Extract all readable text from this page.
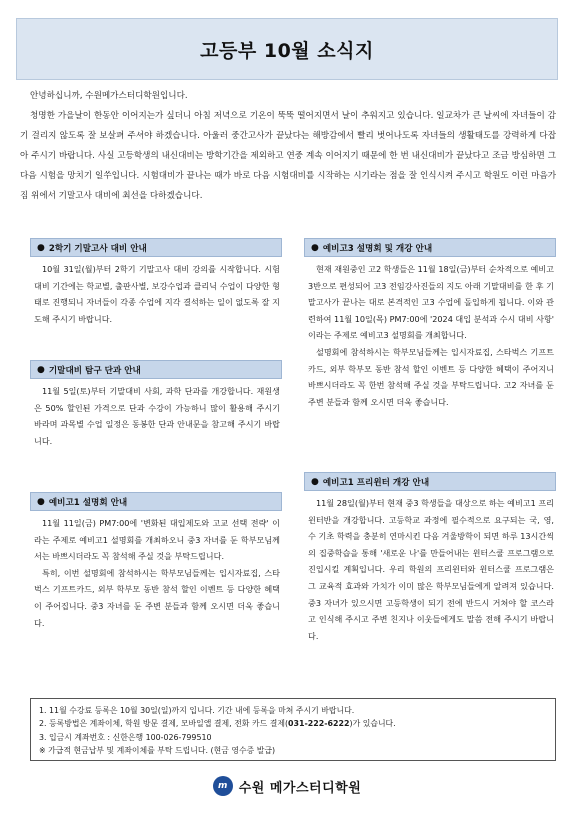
고등부 10월 소식지

안녕하십니까, 수원메가스터디학원입니다.

청명한 가을날이 한동안 이어지는가 싶더니 아침 저녁으로 기온이 뚝뚝 떨어지면서 날이 추워지고 있습니다. 일교차가 큰 날씨에 자녀들이 감기 걸리지 않도록 잘 보살펴 주셔야 하겠습니다. 아울러 중간고사가 끝났다는 해방감에서 빨리 벗어나도록 자녀들의 생활태도를 강력하게 다잡아 주시기 바랍니다. 사실 고등학생의 내신대비는 방학기간을 제외하고 연중 계속 이어지기 때문에 한 번 내신대비가 끝났다고 조금 방심하면 그 다음 시험을 망치기 일쑤입니다. 시험대비가 끝나는 때가 바로 다음 시험대비를 시작하는 시기라는 점을 잘 인식시켜 주시고 학원도 이런 마음가짐 위에서 기말고사 대비에 최선을 다하겠습니다.

● 2학기 기말고사 대비 안내

10월 31일(월)부터 2학기 기말고사 대비 강의를 시작합니다. 시험대비 기간에는 학교별, 출판사별, 보강수업과 클리닉 수업이 다양한 형태로 진행되니 자녀들이 각종 수업에 지각 결석하는 일이 없도록 잘 지도해 주시기 바랍니다.

● 기말대비 탐구 단과 안내

11월 5일(토)부터 기말대비 사회, 과학 단과를 개강합니다. 재원생은 50% 할인된 가격으로 단과 수강이 가능하니 많이 활용해 주시기 바라며 과목별 수업 일정은 동봉한 단과 안내문을 참고해 주시기 바랍니다.

● 예비고1 설명회 안내

11월 11일(금) PM7:00에 '변화된 대입제도와 고교 선택 전략' 이라는 주제로 예비고1 설명회를 개최하오니 중3 자녀를 둔 학부모님께서는 바쁘시더라도 꼭 참석해 주실 것을 부탁드립니다.

특히, 이번 설명회에 참석하시는 학부모님들께는 입시자료집, 스타벅스 기프트카드, 외부 학부모 동반 참석 할인 이벤트 등 다양한 혜택이 주어집니다. 중3 자녀를 둔 주변 분들과 함께 오시면 더욱 좋습니다.

● 예비고3 설명회 및 개강 안내

현재 재원중인 고2 학생들은 11월 18일(금)부터 순차적으로 예비고3반으로 편성되어 고3 전임강사진들의 지도 아래 기말대비를 한 후 기말고사가 끝나는 대로 본격적인 고3 수업에 돌입하게 됩니다. 이와 관련하여 11월 10일(목) PM7:00에 '2024 대입 분석과 수시 대비 사항' 이라는 주제로 예비고3 설명회를 개최합니다.

설명회에 참석하시는 학부모님들께는 입시자료집, 스타벅스 기프트카드, 외부 학부모 동반 참석 할인 이벤트 등 다양한 혜택이 주어지니 바쁘시더라도 꼭 한번 참석해 주실 것을 부탁드립니다. 고2 자녀를 둔 주변 분들과 함께 오시면 더욱 좋습니다.

● 예비고1 프리윈터 개강 안내

11월 28일(월)부터 현재 중3 학생들을 대상으로 하는 예비고1 프리윈터반을 개강합니다. 고등학교 과정에 필수적으로 요구되는 국, 영, 수 기초 학력을 충분히 연마시킨 다음 겨울방학이 되면 하루 13시간씩의 집중학습을 통해 '새로운 나'를 만들어내는 윈터스쿨 프로그램으로 진입시킬 계획입니다. 우리 학원의 프리윈터와 윈터스쿨 프로그램은 그 교육적 효과와 가치가 이미 많은 학부모님들에게 알려져 있습니다. 중3 자녀가 있으시면 고등학생이 되기 전에 반드시 거쳐야 할 코스라고 인식해 주시고 주변 친지나 이웃들에게도 말씀 전해 주시기 바랍니다.

1. 11월 수강료 등록은 10월 30일(일)까지 입니다. 기간 내에 등록을 마쳐 주시기 바랍니다.
2. 등록방법은 계좌이체, 학원 방문 결제, 모바일앱 결제, 전화 카드 결제(031-222-6222)가 있습니다.
3. 입금시 계좌번호 : 신한은행 100-026-799510
※ 가급적 현금납부 및 계좌이체를 부탁 드립니다. (현금 영수증 발급)
m 수원 메가스터디학원
